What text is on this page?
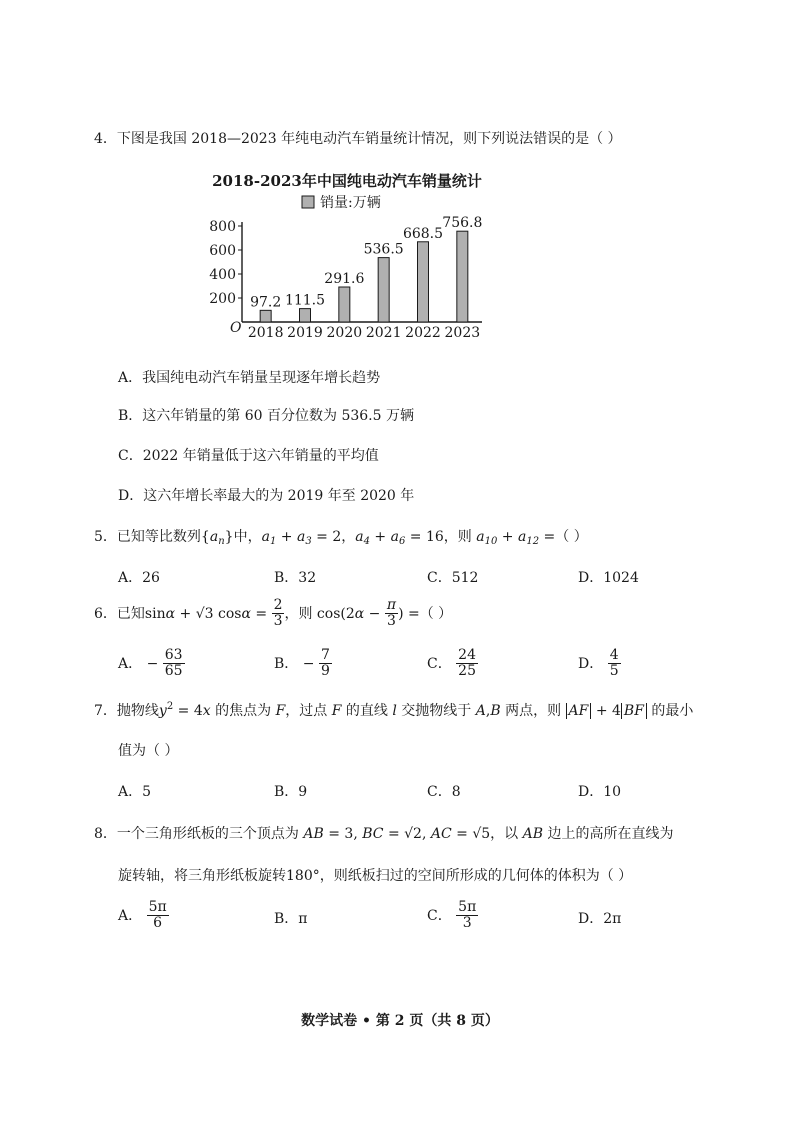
4．下图是我国 2018—2023 年纯电动汽车销量统计情况，则下列说法错误的是（ ）
2018-2023年中国纯电动汽车销量统计
销量:万辆
O
200
400
600
800
97.2
2018
111.5
2019
291.6
2020
536.5
2021
668.5
2022
756.8
2023
A．我国纯电动汽车销量呈现逐年增长趋势
B．这六年销量的第 60 百分位数为 536.5 万辆
C．2022 年销量低于这六年销量的平均值
D．这六年增长率最大的为 2019 年至 2020 年
5．已知等比数列$\{a_n\}$中，$a_1 + a_3 = 2$，$a_4 + a_6 = 16$，则 $a_{10} + a_{12}$ =（ ）
A．26	B．32	C．512	D．1024
6．已知sinα + √3 $\cos\alpha = \frac{2}{3}$ ，则 $\cos(2\alpha - \frac{\pi}{3}$ ) =（ ）
A． − $\frac{63}{65}$	B． − $\frac{7}{9}$	C． $\frac{24}{25}$	D． $\frac{4}{5}$
7．抛物线$y^2 = 4x$ 的焦点为 F，过点 F 的直线 l 交抛物线于 A,B 两点，则 AF + 4 BF 的最小
值为（ ）
A．5	B．9	C．8	D．10
8．一个三角形纸板的三个顶点为 AB = 3, BC = √2, AC = √5，以 AB 边上的高所在直线为
旋转轴，将三角形纸板旋转180°，则纸板扫过的空间所形成的几何体的体积为（ ）
A． $\frac{5\pi}{6}$	B．π	C． $\frac{5\pi}{3}$	D．2π
数学试卷 • 第 2 页（共 8 页）
